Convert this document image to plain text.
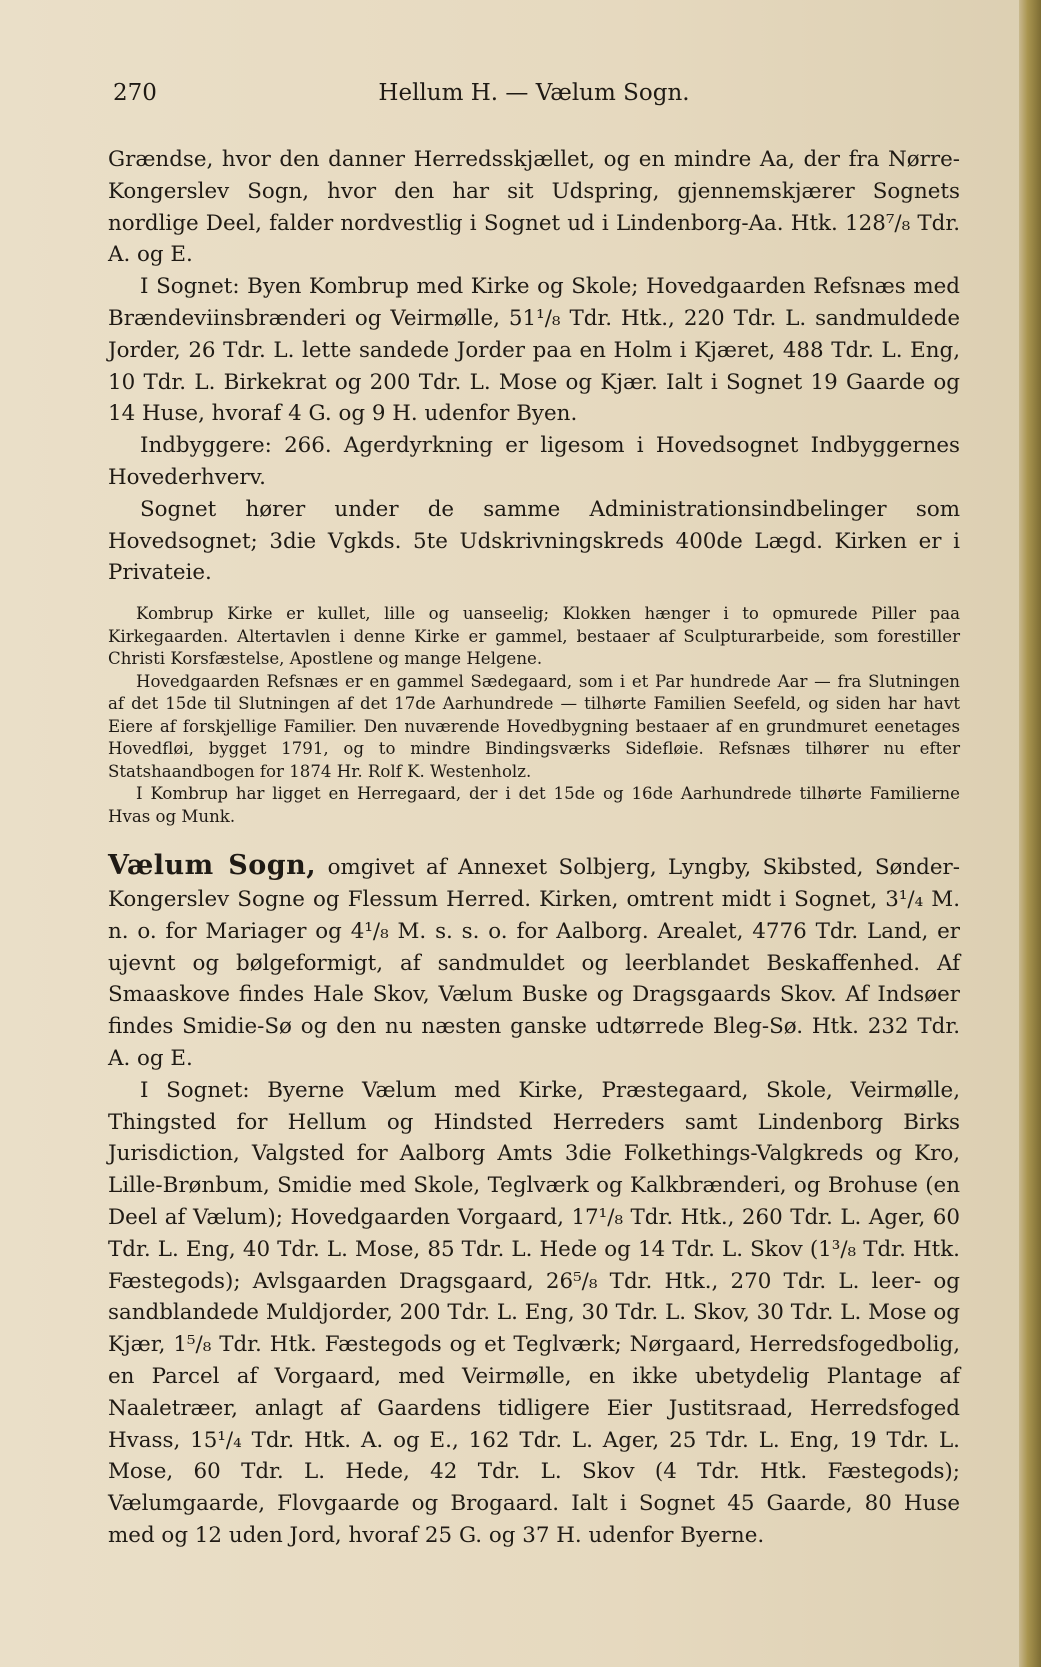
270	Hellum H. — Vælum Sogn.

Grændse, hvor den danner Herredsskjællet, og en mindre Aa, der fra Nørre-Kongerslev Sogn, hvor den har sit Udspring, gjennemskjærer Sognets nordlige Deel, falder nordvestlig i Sognet ud i Lindenborg-Aa. Htk. 128⁷/₈ Tdr. A. og E.

I Sognet: Byen Kombrup med Kirke og Skole; Hovedgaarden Refsnæs med Brændeviinsbrænderi og Veirmølle, 51¹/₈ Tdr. Htk., 220 Tdr. L. sandmuldede Jorder, 26 Tdr. L. lette sandede Jorder paa en Holm i Kjæret, 488 Tdr. L. Eng, 10 Tdr. L. Birkekrat og 200 Tdr. L. Mose og Kjær. Ialt i Sognet 19 Gaarde og 14 Huse, hvoraf 4 G. og 9 H. udenfor Byen.

Indbyggere: 266. Agerdyrkning er ligesom i Hovedsognet Indbyggernes Hovederhverv.

Sognet hører under de samme Administrationsindbelinger som Hovedsognet; 3die Vgkds. 5te Udskrivningskreds 400de Lægd. Kirken er i Privateie.

Kombrup Kirke er kullet, lille og uanseelig; Klokken hænger i to opmurede Piller paa Kirkegaarden. Altertavlen i denne Kirke er gammel, bestaaer af Sculpturarbeide, som forestiller Christi Korsfæstelse, Apostlene og mange Helgene.

Hovedgaarden Refsnæs er en gammel Sædegaard, som i et Par hundrede Aar — fra Slutningen af det 15de til Slutningen af det 17de Aarhundrede — tilhørte Familien Seefeld, og siden har havt Eiere af forskjellige Familier. Den nuværende Hovedbygning bestaaer af en grundmuret eenetages Hovedfløi, bygget 1791, og to mindre Bindingsværks Sidefløie. Refsnæs tilhører nu efter Statshaandbogen for 1874 Hr. Rolf K. Westenholz.

I Kombrup har ligget en Herregaard, der i det 15de og 16de Aarhundrede tilhørte Familierne Hvas og Munk.

Vælum Sogn, omgivet af Annexet Solbjerg, Lyngby, Skibsted, Sønder-Kongerslev Sogne og Flessum Herred. Kirken, omtrent midt i Sognet, 3¹/₄ M. n. o. for Mariager og 4¹/₈ M. s. s. o. for Aalborg. Arealet, 4776 Tdr. Land, er ujevnt og bølgeformigt, af sandmuldet og leerblandet Beskaffenhed. Af Smaaskove findes Hale Skov, Vælum Buske og Dragsgaards Skov. Af Indsøer findes Smidie-Sø og den nu næsten ganske udtørrede Bleg-Sø. Htk. 232 Tdr. A. og E.

I Sognet: Byerne Vælum med Kirke, Præstegaard, Skole, Veirmølle, Thingsted for Hellum og Hindsted Herreders samt Lindenborg Birks Jurisdiction, Valgsted for Aalborg Amts 3die Folkethings-Valgkreds og Kro, Lille-Brønbum, Smidie med Skole, Teglværk og Kalkbrænderi, og Brohuse (en Deel af Vælum); Hovedgaarden Vorgaard, 17¹/₈ Tdr. Htk., 260 Tdr. L. Ager, 60 Tdr. L. Eng, 40 Tdr. L. Mose, 85 Tdr. L. Hede og 14 Tdr. L. Skov (1³/₈ Tdr. Htk. Fæstegods); Avlsgaarden Dragsgaard, 26⁵/₈ Tdr. Htk., 270 Tdr. L. leer- og sandblandede Muldjorder, 200 Tdr. L. Eng, 30 Tdr. L. Skov, 30 Tdr. L. Mose og Kjær, 1⁵/₈ Tdr. Htk. Fæstegods og et Teglværk; Nørgaard, Herredsfogedbolig, en Parcel af Vorgaard, med Veirmølle, en ikke ubetydelig Plantage af Naaletræer, anlagt af Gaardens tidligere Eier Justitsraad, Herredsfoged Hvass, 15¹/₄ Tdr. Htk. A. og E., 162 Tdr. L. Ager, 25 Tdr. L. Eng, 19 Tdr. L. Mose, 60 Tdr. L. Hede, 42 Tdr. L. Skov (4 Tdr. Htk. Fæstegods); Vælumgaarde, Flovgaarde og Brogaard. Ialt i Sognet 45 Gaarde, 80 Huse med og 12 uden Jord, hvoraf 25 G. og 37 H. udenfor Byerne.
